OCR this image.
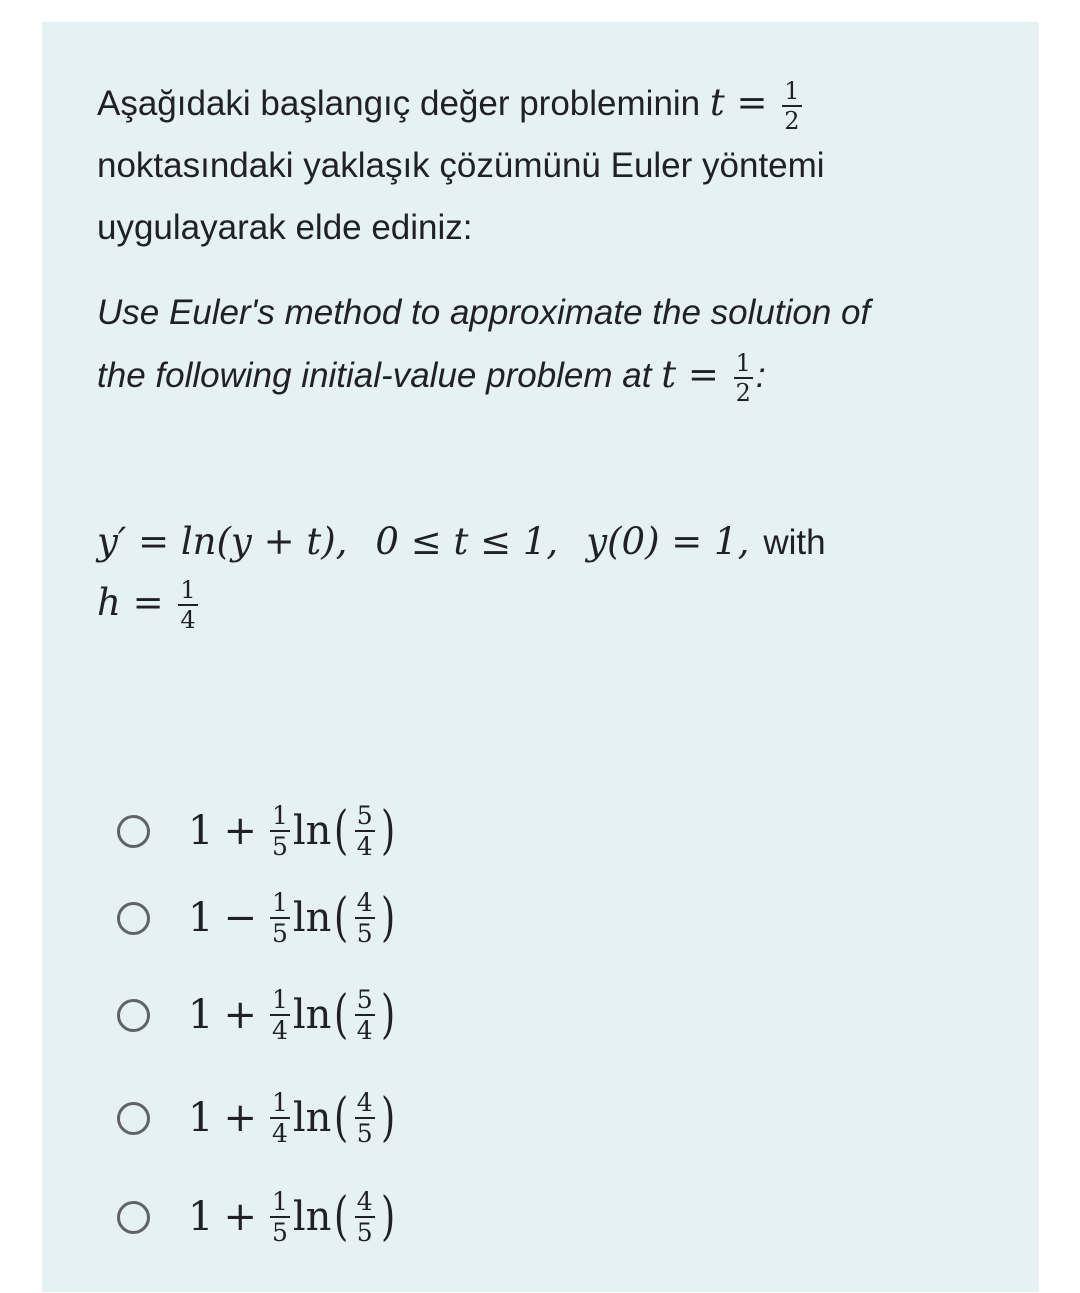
Aşağıdaki başlangıç değer probleminin $t = \frac{1}{2}$

noktasındaki yaklaşık çözümünü Euler yöntemi
uygulayarak elde ediniz:
Use Euler's method to approximate the solution of
the following initial-value problem at $t = \frac{1}{2}$ :
y′ = ln(y + t), 0 ≤ t ≤ 1, y(0) = 1, with
$h = \frac{1}{4}$
$1 + \frac{1}{5}$ ln ( $\frac{5}{4}$ )
$1 - \frac{1}{5}$ ln ( $\frac{4}{5}$ )
$1 + \frac{1}{4}$ ln ( $\frac{5}{4}$ )
$1 + \frac{1}{4}$ ln ( $\frac{4}{5}$ )
$1 + \frac{1}{5}$ ln ( $\frac{4}{5}$ )
